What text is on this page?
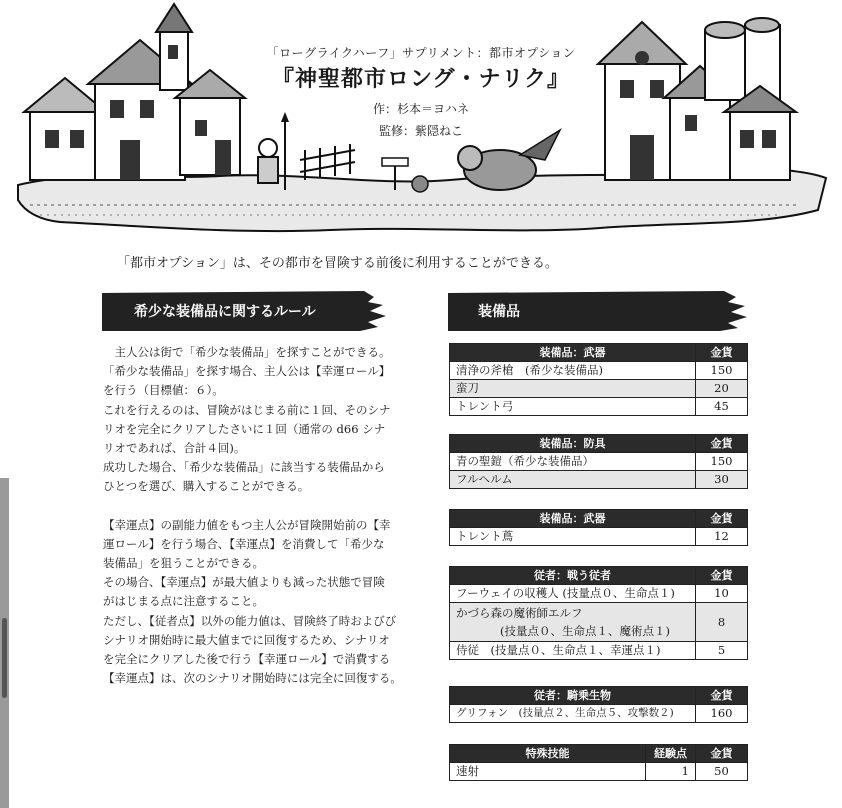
「ローグライクハーフ」サプリメント：都市オプション
『神聖都市ロング・ナリク』
作：杉本＝ヨハネ
監修：紫隠ねこ
「都市オプション」は、その都市を冒険する前後に利用することができる。
希少な装備品に関するルール	装備品

　主人公は街で「希少な装備品」を探すことができる。

「希少な装備品」を探す場合、主人公は【幸運ロール】

を行う（目標値：６）。

これを行えるのは、冒険がはじまる前に１回、そのシナ

リオを完全にクリアしたさいに１回（通常の d66 シナ

リオであれば、合計４回)。

成功した場合、「希少な装備品」に該当する装備品から

ひとつを選び、購入することができる。

【幸運点】の副能力値をもつ主人公が冒険開始前の【幸

運ロール】を行う場合、【幸運点】を消費して「希少な

装備品」を狙うことができる。

その場合、【幸運点】が最大値よりも減った状態で冒険

がはじまる点に注意すること。

ただし、【従者点】以外の能力値は、冒険終了時およびび

シナリオ開始時に最大値までに回復するため、シナリオ

を完全にクリアした後で行う【幸運ロール】で消費する

【幸運点】は、次のシナリオ開始時には完全に回復する。

装備品：武器	金貨
清浄の斧槍　(希少な装備品)	150
蛮刀	20
トレント弓	45
装備品：防具	金貨
青の聖鎧（希少な装備品）	150
フルヘルム	30
装備品：武器	金貨
トレント蔦	12
従者：戦う従者	金貨
フーウェイの収穫人 (技量点０、生命点１)	10

かづら森の魔術師エルフ
(技量点０、生命点１、魔術点１)	8
侍従　(技量点０、生命点１、幸運点１)	5
従者：騎乗生物	金貨
グリフォン　(技量点２、生命点５、攻撃数２)	160
特殊技能	経験点	金貨
速射	1	50
